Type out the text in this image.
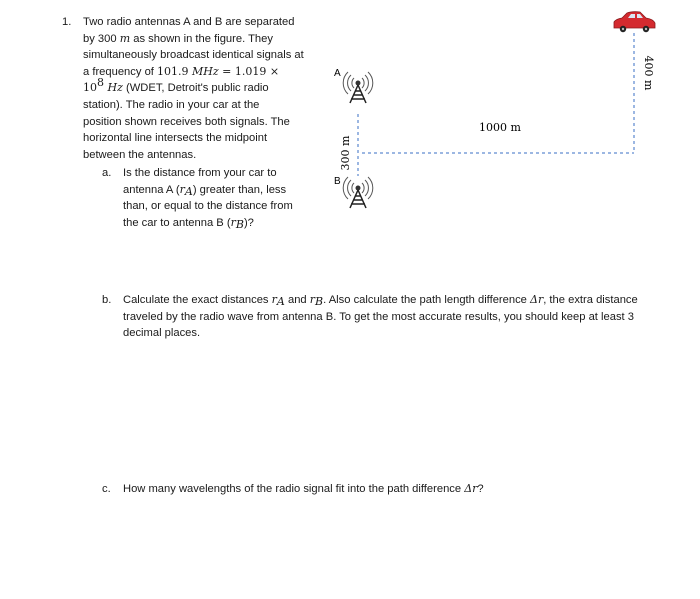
1. Two radio antennas A and B are separated
by 300 m as shown in the figure. They
simultaneously broadcast identical signals at
a frequency of 101.9 MHz = 1.019 ×
$10^8$ Hz (WDET, Detroit's public radio
station). The radio in your car at the
position shown receives both signals. The
horizontal line intersects the midpoint
between the antennas.
a. Is the distance from your car to
antenna A $(r_A)$ greater than, less
than, or equal to the distance from
the car to antenna B $(r_B)$?
b. Calculate the exact distances $r_A$ and $r_B$. Also calculate the path length difference Δr, the extra distance traveled by the radio wave from antenna B. To get the most accurate results, you should keep at least 3 decimal places.
c. How many wavelengths of the radio signal fit into the path difference Δr?
A
B
300 m
1000 m
400 m
